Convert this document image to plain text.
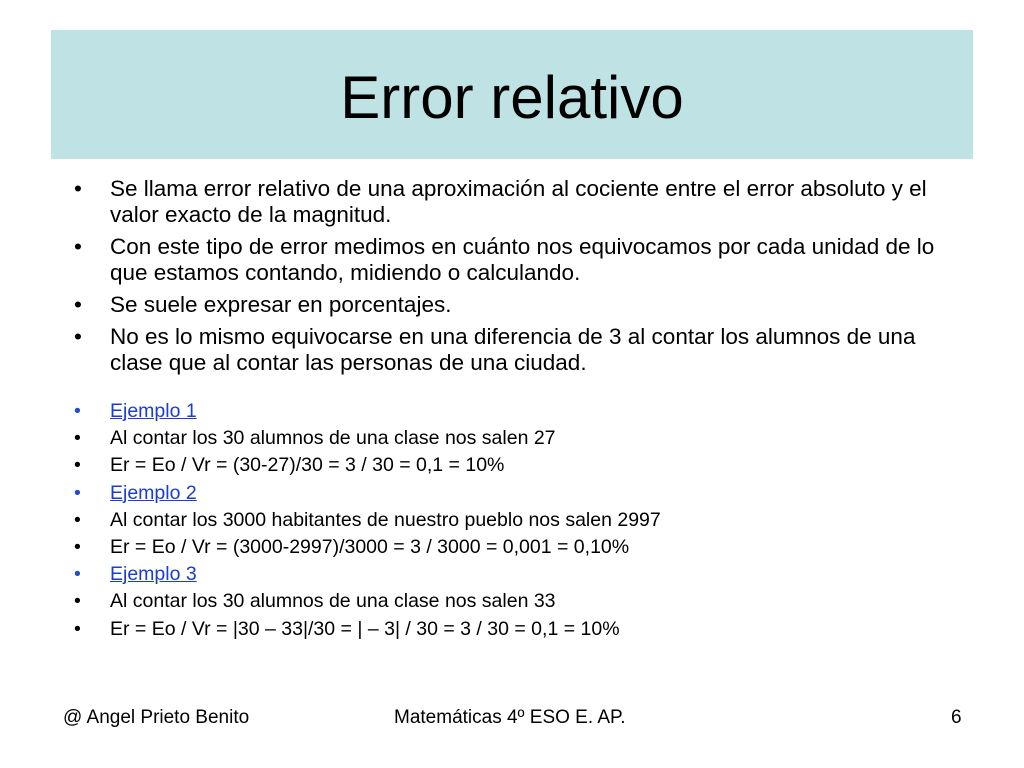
Error relativo
•	Se llama error relativo de una aproximación al cociente entre el error absoluto y el valor exacto de la magnitud.
•	Con este tipo de error medimos en cuánto nos equivocamos por cada unidad de lo que estamos contando, midiendo o calculando.
•	Se suele expresar en porcentajes.
•	No es lo mismo equivocarse en una diferencia de 3 al contar los alumnos de una clase que al contar las personas de una ciudad.
•	Ejemplo 1
•	Al contar los 30 alumnos de una clase nos salen 27
•	Er = Eo / Vr = (30-27)/30 = 3 / 30 = 0,1 = 10%
•	Ejemplo 2
•	Al contar los 3000 habitantes de nuestro pueblo nos salen 2997
•	Er = Eo / Vr = (3000-2997)/3000 = 3 / 3000 = 0,001 = 0,10%
•	Ejemplo 3
•	Al contar los 30 alumnos de una clase nos salen 33
•	Er = Eo / Vr = |30 – 33|/30 = | – 3| / 30 = 3 / 30 = 0,1 = 10%
@ Angel Prieto Benito	Matemáticas 4º ESO E. AP.	6
